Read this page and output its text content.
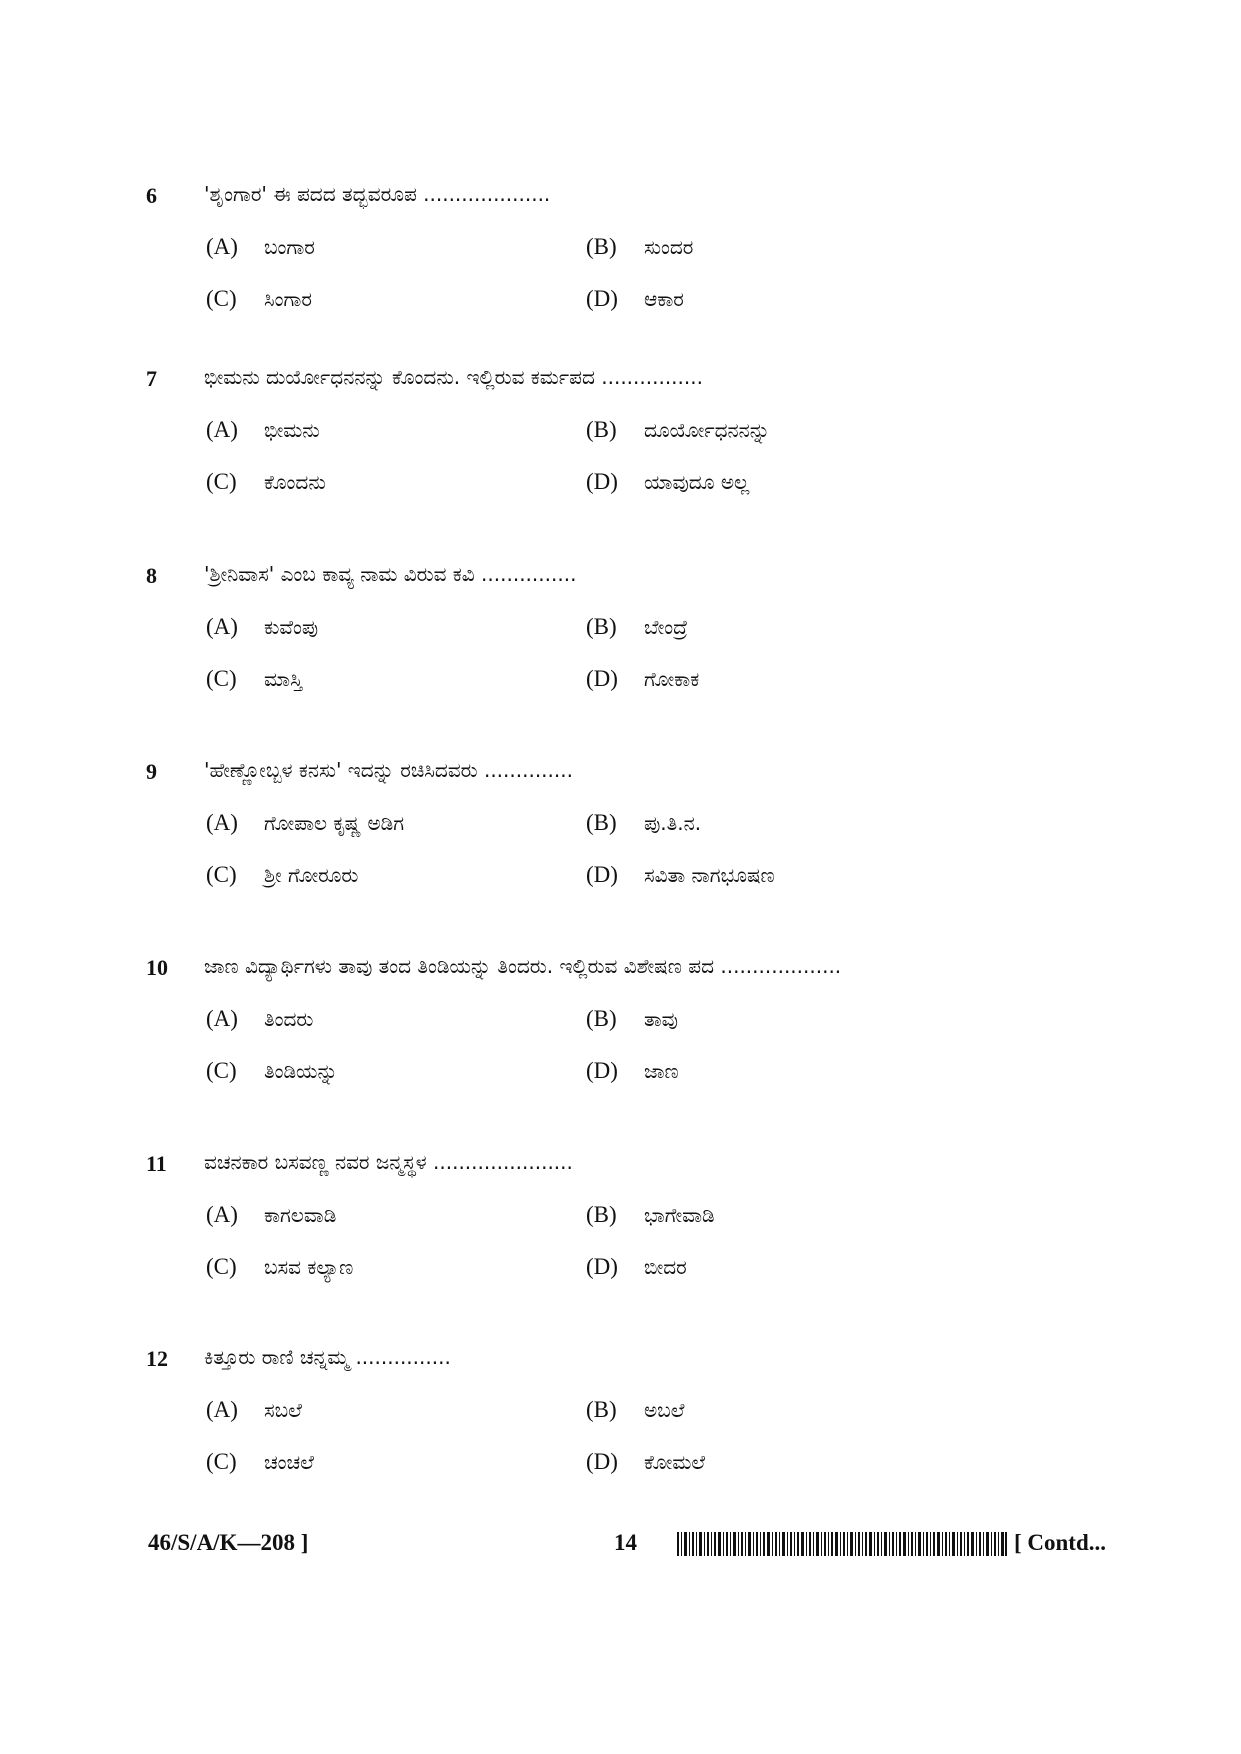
6 'ಶೃಂಗಾರ' ಈ ಪದದ ತದ್ಭವರೂಪ ....................
(A) ಬಂಗಾರ	(B) ಸುಂದರ
(C) ಸಿಂಗಾರ	(D) ಆಕಾರ
7 ಭೀಮನು ದುರ್ಯೋಧನನನ್ನು ಕೊಂದನು. ಇಲ್ಲಿರುವ ಕರ್ಮಪದ ................
(A) ಭೀಮನು	(B) ದೂರ್ಯೋಧನನನ್ನು
(C) ಕೊಂದನು	(D) ಯಾವುದೂ ಅಲ್ಲ
8 'ಶ್ರೀನಿವಾಸ' ಎಂಬ ಕಾವ್ಯ ನಾಮ ವಿರುವ ಕವಿ ...............
(A) ಕುವೆಂಪು	(B) ಬೇಂದ್ರೆ
(C) ಮಾಸ್ತಿ	(D) ಗೋಕಾಕ
9 'ಹೇಣ್ಣೋಬ್ಬಳ ಕನಸು' ಇದನ್ನು ರಚಿಸಿದವರು ..............
(A) ಗೋಪಾಲ ಕೃಷ್ಣ ಅಡಿಗ	(B) ಪು.ತಿ.ನ.
(C) ಶ್ರೀ ಗೋರೂರು	(D) ಸವಿತಾ ನಾಗಭೂಷಣ
10 ಜಾಣ ವಿದ್ಯಾರ್ಥಿಗಳು ತಾವು ತಂದ ತಿಂಡಿಯನ್ನು ತಿಂದರು. ಇಲ್ಲಿರುವ ವಿಶೇಷಣ ಪದ ...................
(A) ತಿಂದರು	(B) ತಾವು
(C) ತಿಂಡಿಯನ್ನು	(D) ಜಾಣ
11 ವಚನಕಾರ ಬಸವಣ್ಣ ನವರ ಜನ್ಮಸ್ಥಳ ......................
(A) ಕಾಗಲವಾಡಿ	(B) ಭಾಗೇವಾಡಿ
(C) ಬಸವ ಕಲ್ಯಾಣ	(D) ಬೀದರ
12 ಕಿತ್ತೂರು ರಾಣಿ ಚನ್ನಮ್ಮ ...............
(A) ಸಬಲೆ	(B) ಅಬಲೆ
(C) ಚಂಚಲೆ	(D) ಕೋಮಲೆ
46/S/A/K—208 ]	14	[ Contd...
